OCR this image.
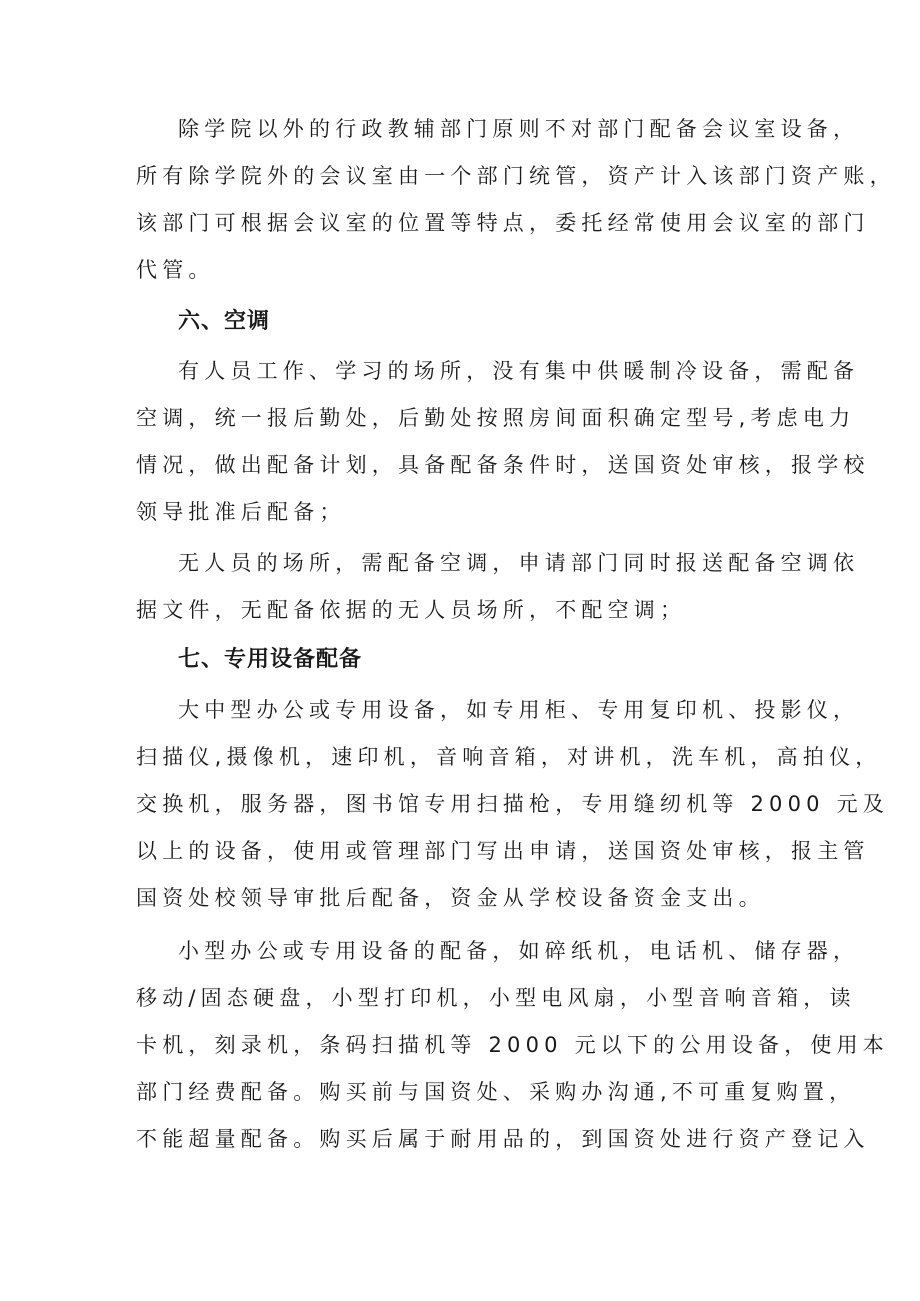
除学院以外的行政教辅部门原则不对部门配备会议室设备，
所有除学院外的会议室由一个部门统管，资产计入该部门资产账，
该部门可根据会议室的位置等特点，委托经常使用会议室的部门
代管。
六、空调
有人员工作、学习的场所，没有集中供暖制冷设备，需配备
空调，统一报后勤处，后勤处按照房间面积确定型号,考虑电力
情况，做出配备计划，具备配备条件时，送国资处审核，报学校
领导批准后配备；
无人员的场所，需配备空调，申请部门同时报送配备空调依
据文件，无配备依据的无人员场所，不配空调；
七、专用设备配备
大中型办公或专用设备，如专用柜、专用复印机、投影仪，
扫描仪,摄像机，速印机，音响音箱，对讲机，洗车机，高拍仪，
交换机，服务器，图书馆专用扫描枪，专用缝纫机等 2000 元及
以上的设备，使用或管理部门写出申请，送国资处审核，报主管
国资处校领导审批后配备，资金从学校设备资金支出。
小型办公或专用设备的配备，如碎纸机，电话机、储存器，
移动/固态硬盘，小型打印机，小型电风扇，小型音响音箱，读
卡机，刻录机，条码扫描机等 2000 元以下的公用设备，使用本
部门经费配备。购买前与国资处、采购办沟通,不可重复购置，
不能超量配备。购买后属于耐用品的，到国资处进行资产登记入
